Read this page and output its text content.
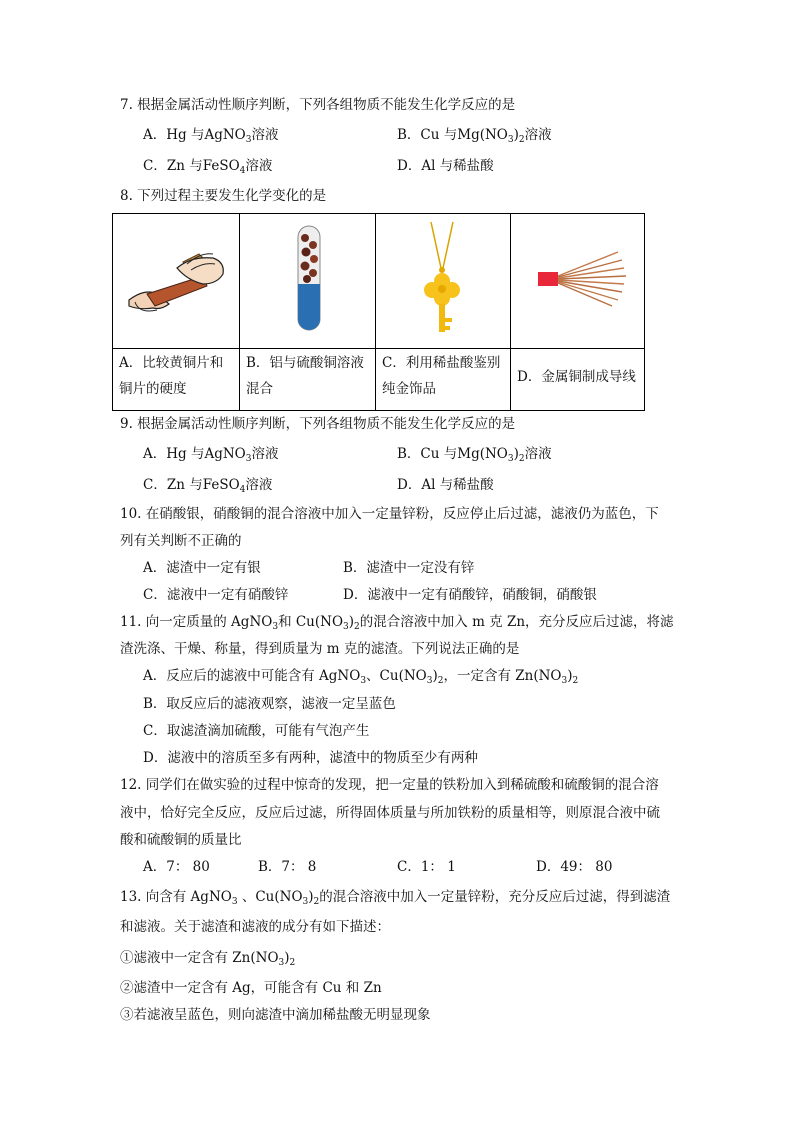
7. 根据金属活动性顺序判断，下列各组物质不能发生化学反应的是
A．Hg 与AgNO$_3$溶液	B．Cu 与$Mg(NO_3)_2$溶液
C．Zn 与FeSO$_4$溶液	D．Al 与稀盐酸
8. 下列过程主要发生化学变化的是
A．比较黄铜片和
铜片的硬度
B．铝与硫酸铜溶液
混合
C．利用稀盐酸鉴别
纯金饰品
D．金属铜制成导线
9. 根据金属活动性顺序判断，下列各组物质不能发生化学反应的是
A．Hg 与AgNO$_3$溶液	B．Cu 与$Mg(NO_3)_2$溶液
C．Zn 与FeSO$_4$溶液	D．Al 与稀盐酸
10. 在硝酸银，硝酸铜的混合溶液中加入一定量锌粉，反应停止后过滤，滤液仍为蓝色，下
列有关判断不正确的
A．滤渣中一定有银	B．滤渣中一定没有锌
C．滤液中一定有硝酸锌	D．滤液中一定有硝酸锌，硝酸铜，硝酸银
11. 向一定质量的 AgNO$_3$和 $Cu(NO_3)_2$的混合溶液中加入 m 克 Zn，充分反应后过滤，将滤
渣洗涤、干燥、称量，得到质量为 m 克的滤渣。下列说法正确的是
A．反应后的滤液中可能含有 AgNO$_3$、$Cu(NO_3)_2$，一定含有 $Zn(NO_3)_2$
B．取反应后的滤液观察，滤液一定呈蓝色
C．取滤渣滴加硫酸，可能有气泡产生
D．滤液中的溶质至多有两种，滤渣中的物质至少有两种
12. 同学们在做实验的过程中惊奇的发现，把一定量的铁粉加入到稀硫酸和硫酸铜的混合溶
液中，恰好完全反应，反应后过滤，所得固体质量与所加铁粉的质量相等，则原混合液中硫
酸和硫酸铜的质量比
A．7： 80	B．7： 8	C．1： 1	D．49： 80
13. 向含有 AgNO$_3$ 、$Cu(NO_3)_2$的混合溶液中加入一定量锌粉，充分反应后过滤，得到滤渣
和滤液。关于滤渣和滤液的成分有如下描述：
①滤液中一定含有 $Zn(NO_3)_2$
②滤渣中一定含有 Ag，可能含有 Cu 和 Zn
③若滤液呈蓝色，则向滤渣中滴加稀盐酸无明显现象
